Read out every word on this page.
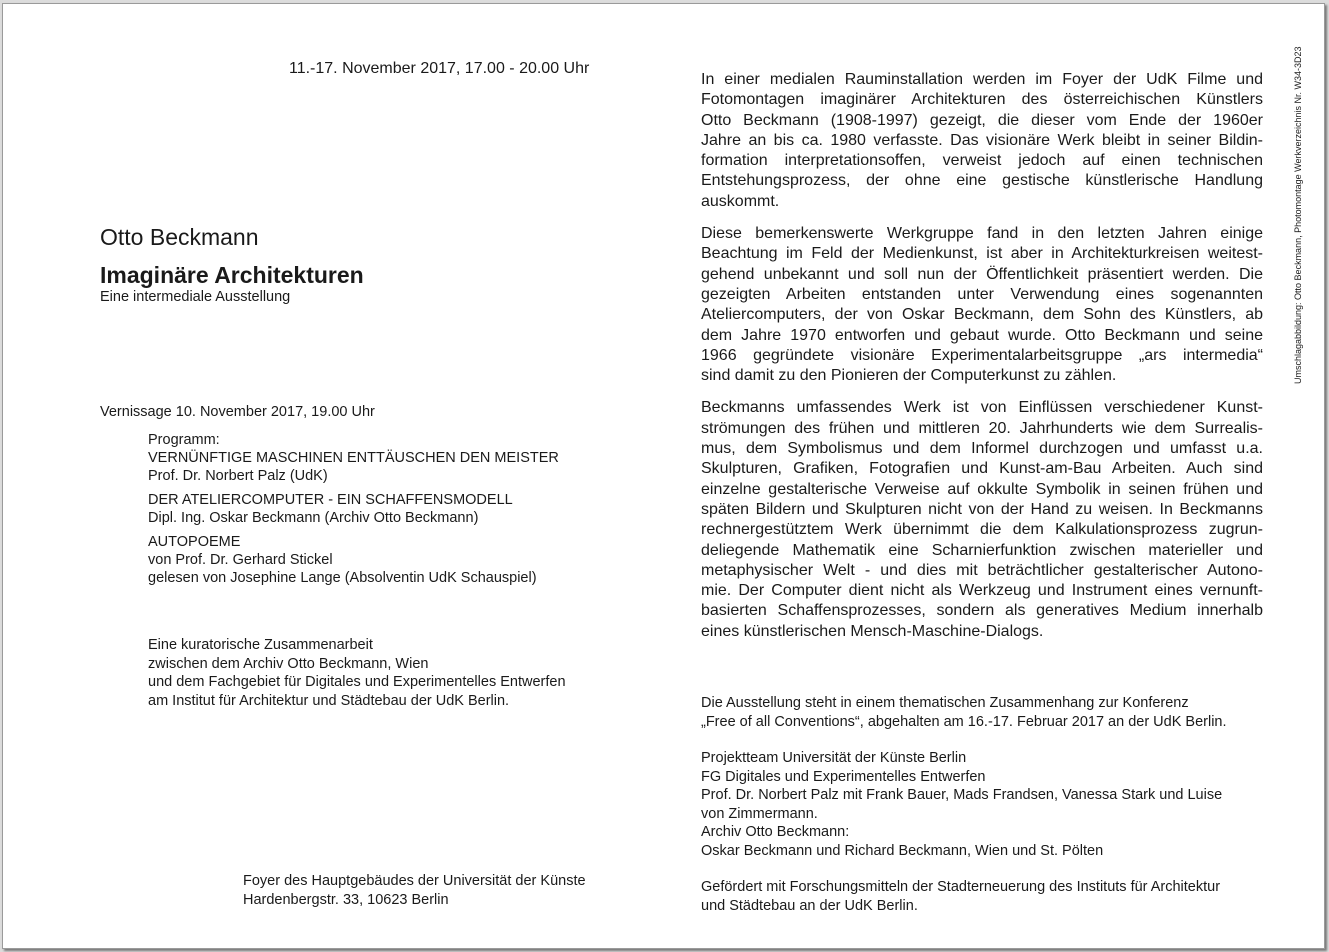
11.-17. November 2017, 17.00 - 20.00 Uhr
Otto Beckmann
Imaginäre Architekturen
Eine intermediale Ausstellung
Vernissage 10. November 2017, 19.00 Uhr
Programm:
VERNÜNFTIGE MASCHINEN ENTTÄUSCHEN DEN MEISTER
Prof. Dr. Norbert Palz (UdK)
DER ATELIERCOMPUTER - EIN SCHAFFENSMODELL
Dipl. Ing. Oskar Beckmann (Archiv Otto Beckmann)
AUTOPOEME
von Prof. Dr. Gerhard Stickel
gelesen von Josephine Lange (Absolventin UdK Schauspiel)
Eine kuratorische Zusammenarbeit
zwischen dem Archiv Otto Beckmann, Wien
und dem Fachgebiet für Digitales und Experimentelles Entwerfen
am Institut für Architektur und Städtebau der UdK Berlin.
Foyer des Hauptgebäudes der Universität der Künste
Hardenbergstr. 33, 10623 Berlin

In einer medialen Rauminstallation werden im Foyer der UdK Filme und
Fotomontagen imaginärer Architekturen des österreichischen Künstlers
Otto Beckmann (1908-1997) gezeigt, die dieser vom Ende der 1960er
Jahre an bis ca. 1980 verfasste. Das visionäre Werk bleibt in seiner Bildin-
formation interpretationsoffen, verweist jedoch auf einen technischen
Entstehungsprozess, der ohne eine gestische künstlerische Handlung
auskommt.

Diese bemerkenswerte Werkgruppe fand in den letzten Jahren einige
Beachtung im Feld der Medienkunst, ist aber in Architekturkreisen weitest-
gehend unbekannt und soll nun der Öffentlichkeit präsentiert werden. Die
gezeigten Arbeiten entstanden unter Verwendung eines sogenannten
Ateliercomputers, der von Oskar Beckmann, dem Sohn des Künstlers, ab
dem Jahre 1970 entworfen und gebaut wurde. Otto Beckmann und seine
1966 gegründete visionäre Experimentalarbeitsgruppe „ars intermedia“
sind damit zu den Pionieren der Computerkunst zu zählen.

Beckmanns umfassendes Werk ist von Einflüssen verschiedener Kunst-
strömungen des frühen und mittleren 20. Jahrhunderts wie dem Surrealis-
mus, dem Symbolismus und dem Informel durchzogen und umfasst u.a.
Skulpturen, Grafiken, Fotografien und Kunst-am-Bau Arbeiten. Auch sind
einzelne gestalterische Verweise auf okkulte Symbolik in seinen frühen und
späten Bildern und Skulpturen nicht von der Hand zu weisen. In Beckmanns
rechnergestütztem Werk übernimmt die dem Kalkulationsprozess zugrun-
deliegende Mathematik eine Scharnierfunktion zwischen materieller und
metaphysischer Welt - und dies mit beträchtlicher gestalterischer Autono-
mie. Der Computer dient nicht als Werkzeug und Instrument eines vernunft-
basierten Schaffensprozesses, sondern als generatives Medium innerhalb
eines künstlerischen Mensch-Maschine-Dialogs.

Die Ausstellung steht in einem thematischen Zusammenhang zur Konferenz
„Free of all Conventions“, abgehalten am 16.-17. Februar 2017 an der UdK Berlin.
Projektteam Universität der Künste Berlin
FG Digitales und Experimentelles Entwerfen
Prof. Dr. Norbert Palz mit Frank Bauer, Mads Frandsen, Vanessa Stark und Luise
von Zimmermann.
Archiv Otto Beckmann:
Oskar Beckmann und Richard Beckmann, Wien und St. Pölten
Gefördert mit Forschungsmitteln der Stadterneuerung des Instituts für Architektur
und Städtebau an der UdK Berlin.
Umschlagabbildung: Otto Beckmann, Photomontage Werkverzeichnis Nr. W34-3D23
